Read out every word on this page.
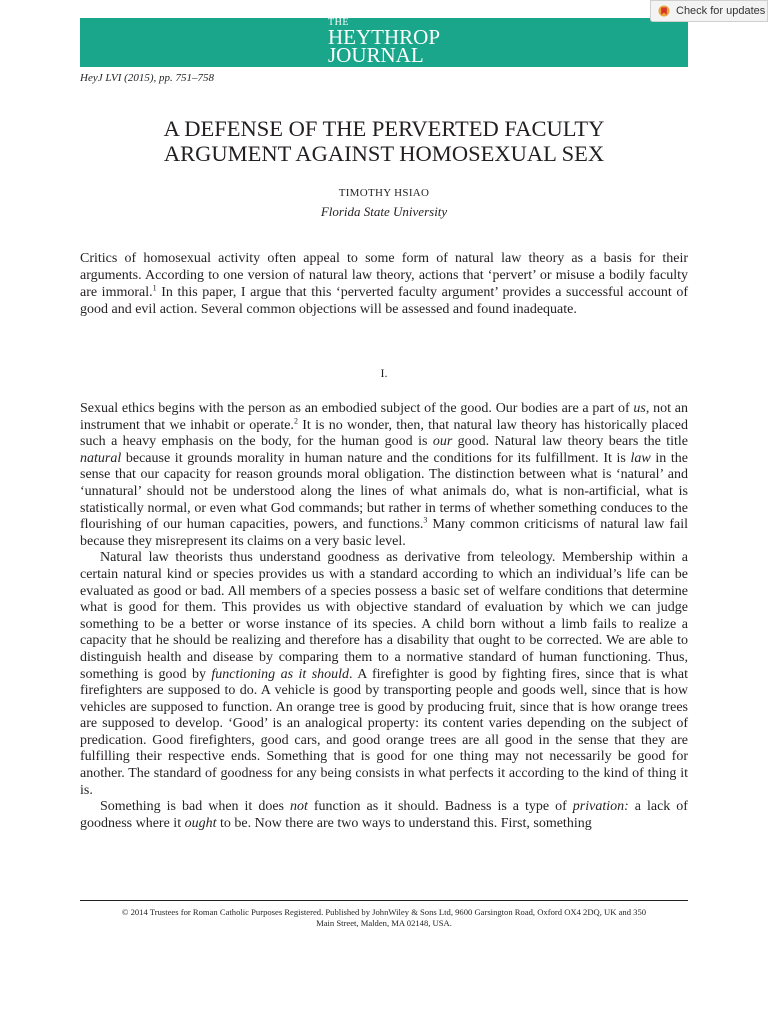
THE
HEYTHROP
JOURNAL
Check for updates
HeyJ LVI (2015), pp. 751–758
A DEFENSE OF THE PERVERTED FACULTY
ARGUMENT AGAINST HOMOSEXUAL SEX
TIMOTHY HSIAO
Florida State University

Critics of homosexual activity often appeal to some form of natural law theory as a basis for their arguments. According to one version of natural law theory, actions that ‘pervert’ or misuse a bodily faculty are immoral.$^1$ In this paper, I argue that this ‘perverted faculty argument’ provides a successful account of good and evil action. Several common objections will be assessed and found inadequate.

I.

Sexual ethics begins with the person as an embodied subject of the good. Our bodies are a part of us, not an instrument that we inhabit or operate.$^2$ It is no wonder, then, that natural law theory has historically placed such a heavy emphasis on the body, for the human good is our good. Natural law theory bears the title natural because it grounds morality in human nature and the conditions for its fulfillment. It is law in the sense that our capacity for reason grounds moral obligation. The distinction between what is ‘natural’ and ‘unnatural’ should not be understood along the lines of what animals do, what is non-artificial, what is statistically normal, or even what God commands; but rather in terms of whether something conduces to the flourishing of our human capacities, powers, and functions.$^3$ Many common criticisms of natural law fail because they misrepresent its claims on a very basic level.

Natural law theorists thus understand goodness as derivative from teleology. Membership within a certain natural kind or species provides us with a standard according to which an individual’s life can be evaluated as good or bad. All members of a species possess a basic set of welfare conditions that determine what is good for them. This provides us with objective standard of evaluation by which we can judge something to be a better or worse instance of its species. A child born without a limb fails to realize a capacity that he should be realizing and therefore has a disability that ought to be corrected. We are able to distinguish health and disease by comparing them to a normative standard of human functioning. Thus, something is good by functioning as it should. A firefighter is good by fighting fires, since that is what firefighters are supposed to do. A vehicle is good by transporting people and goods well, since that is how vehicles are supposed to function. An orange tree is good by producing fruit, since that is how orange trees are supposed to develop. ‘Good’ is an analogical property: its content varies depending on the subject of predication. Good firefighters, good cars, and good orange trees are all good in the sense that they are fulfilling their respective ends. Something that is good for one thing may not necessarily be good for another. The standard of goodness for any being consists in what perfects it according to the kind of thing it is.

Something is bad when it does not function as it should. Badness is a type of privation: a lack of goodness where it ought to be. Now there are two ways to understand this. First, something

© 2014 Trustees for Roman Catholic Purposes Registered. Published by JohnWiley & Sons Ltd, 9600 Garsington Road, Oxford OX4 2DQ, UK and 350
Main Street, Malden, MA 02148, USA.
